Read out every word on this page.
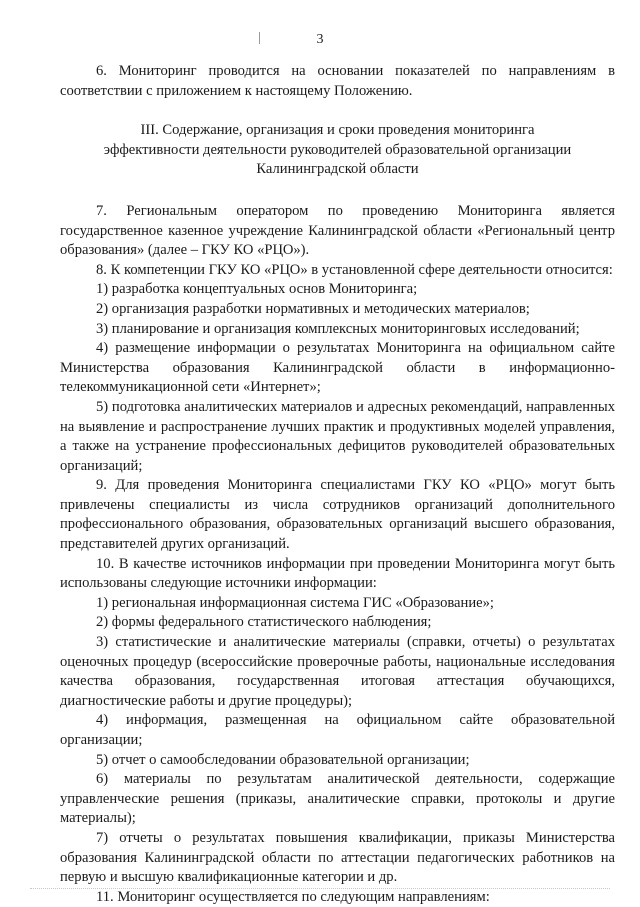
3

6. Мониторинг проводится на основании показателей по направлениям в соответствии с приложением к настоящему Положению.

III. Содержание, организация и сроки проведения мониторинга

эффективности деятельности руководителей образовательной организации

Калининградской области

7. Региональным оператором по проведению Мониторинга является государственное казенное учреждение Калининградской области «Региональный центр образования» (далее – ГКУ КО «РЦО»).

8. К компетенции ГКУ КО «РЦО» в установленной сфере деятельности относится:

1) разработка концептуальных основ Мониторинга;

2) организация разработки нормативных и методических материалов;

3) планирование и организация комплексных мониторинговых исследований;

4) размещение информации о результатах Мониторинга на официальном сайте Министерства образования Калининградской области в информационно-телекоммуникационной сети «Интернет»;

5) подготовка аналитических материалов и адресных рекомендаций, направленных на выявление и распространение лучших практик и продуктивных моделей управления, а также на устранение профессиональных дефицитов руководителей образовательных организаций;

9. Для проведения Мониторинга специалистами ГКУ КО «РЦО» могут быть привлечены специалисты из числа сотрудников организаций дополнительного профессионального образования, образовательных организаций высшего образования, представителей других организаций.

10. В качестве источников информации при проведении Мониторинга могут быть использованы следующие источники информации:

1) региональная информационная система ГИС «Образование»;

2) формы федерального статистического наблюдения;

3) статистические и аналитические материалы (справки, отчеты) о результатах оценочных процедур (всероссийские проверочные работы, национальные исследования качества образования, государственная итоговая аттестация обучающихся, диагностические работы и другие процедуры);

4) информация, размещенная на официальном сайте образовательной организации;

5) отчет о самообследовании образовательной организации;

6) материалы по результатам аналитической деятельности, содержащие управленческие решения (приказы, аналитические справки, протоколы и другие материалы);

7) отчеты о результатах повышения квалификации, приказы Министерства образования Калининградской области по аттестации педагогических работников на первую и высшую квалификационные категории и др.

11. Мониторинг осуществляется по следующим направлениям:
